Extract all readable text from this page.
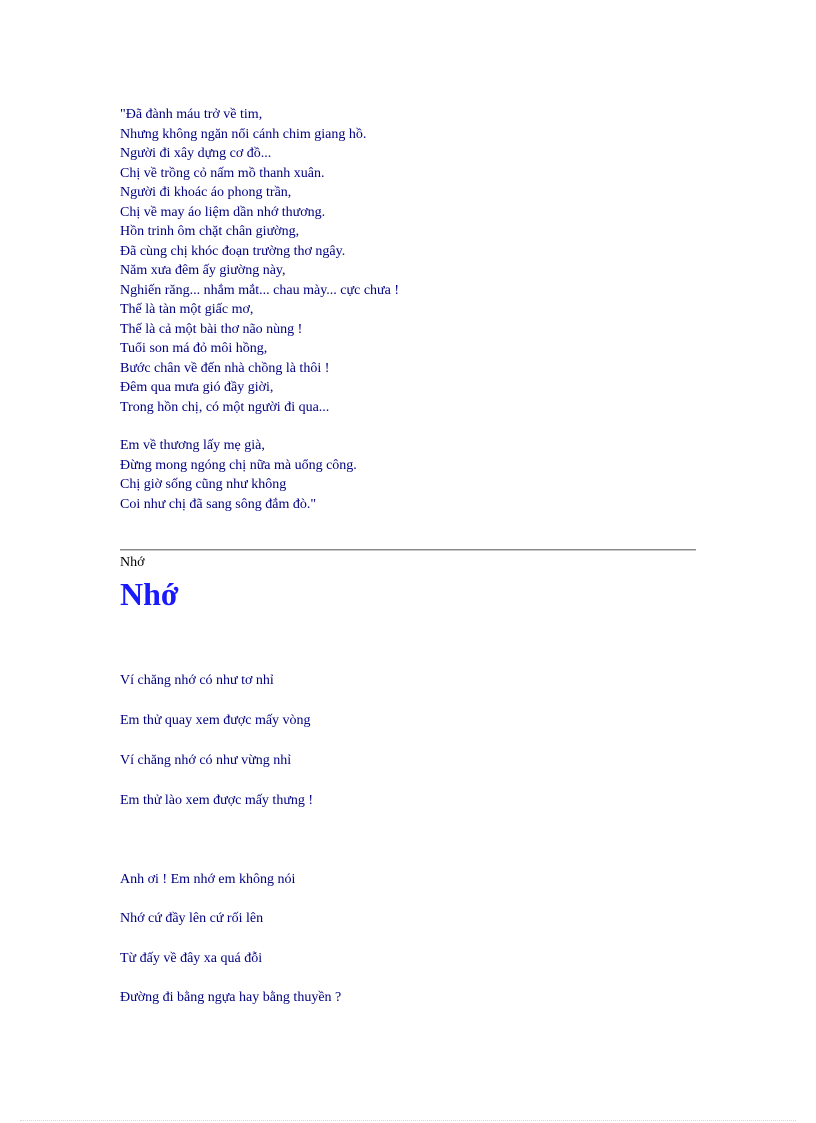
"Đã đành máu trở về tim,
Nhưng không ngăn nổi cánh chim giang hồ.
Người đi xây dựng cơ đồ...
Chị về trồng cỏ nấm mồ thanh xuân.
Người đi khoác áo phong trần,
Chị về may áo liệm dần nhớ thương.
Hồn trinh ôm chặt chân giường,
Đã cùng chị khóc đoạn trường thơ ngây.
Năm xưa đêm ấy giường này,
Nghiến răng... nhắm mắt... chau mày... cực chưa !
Thế là tàn một giấc mơ,
Thế là cả một bài thơ não nùng !
Tuổi son má đỏ môi hồng,
Bước chân về đến nhà chồng là thôi !
Đêm qua mưa gió đầy giời,
Trong hồn chị, có một người đi qua...
Em về thương lấy mẹ già,
Đừng mong ngóng chị nữa mà uổng công.
Chị giờ sống cũng như không
Coi như chị đã sang sông đắm đò."
Nhớ
Nhớ
Ví chăng nhớ có như tơ nhỉ
Em thử quay xem được mấy vòng
Ví chăng nhớ có như vừng nhỉ
Em thử lào xem được mấy thưng !
Anh ơi ! Em nhớ em không nói
Nhớ cứ đầy lên cứ rối lên
Từ đấy về đây xa quá đỗi
Đường đi bằng ngựa hay bằng thuyền ?
